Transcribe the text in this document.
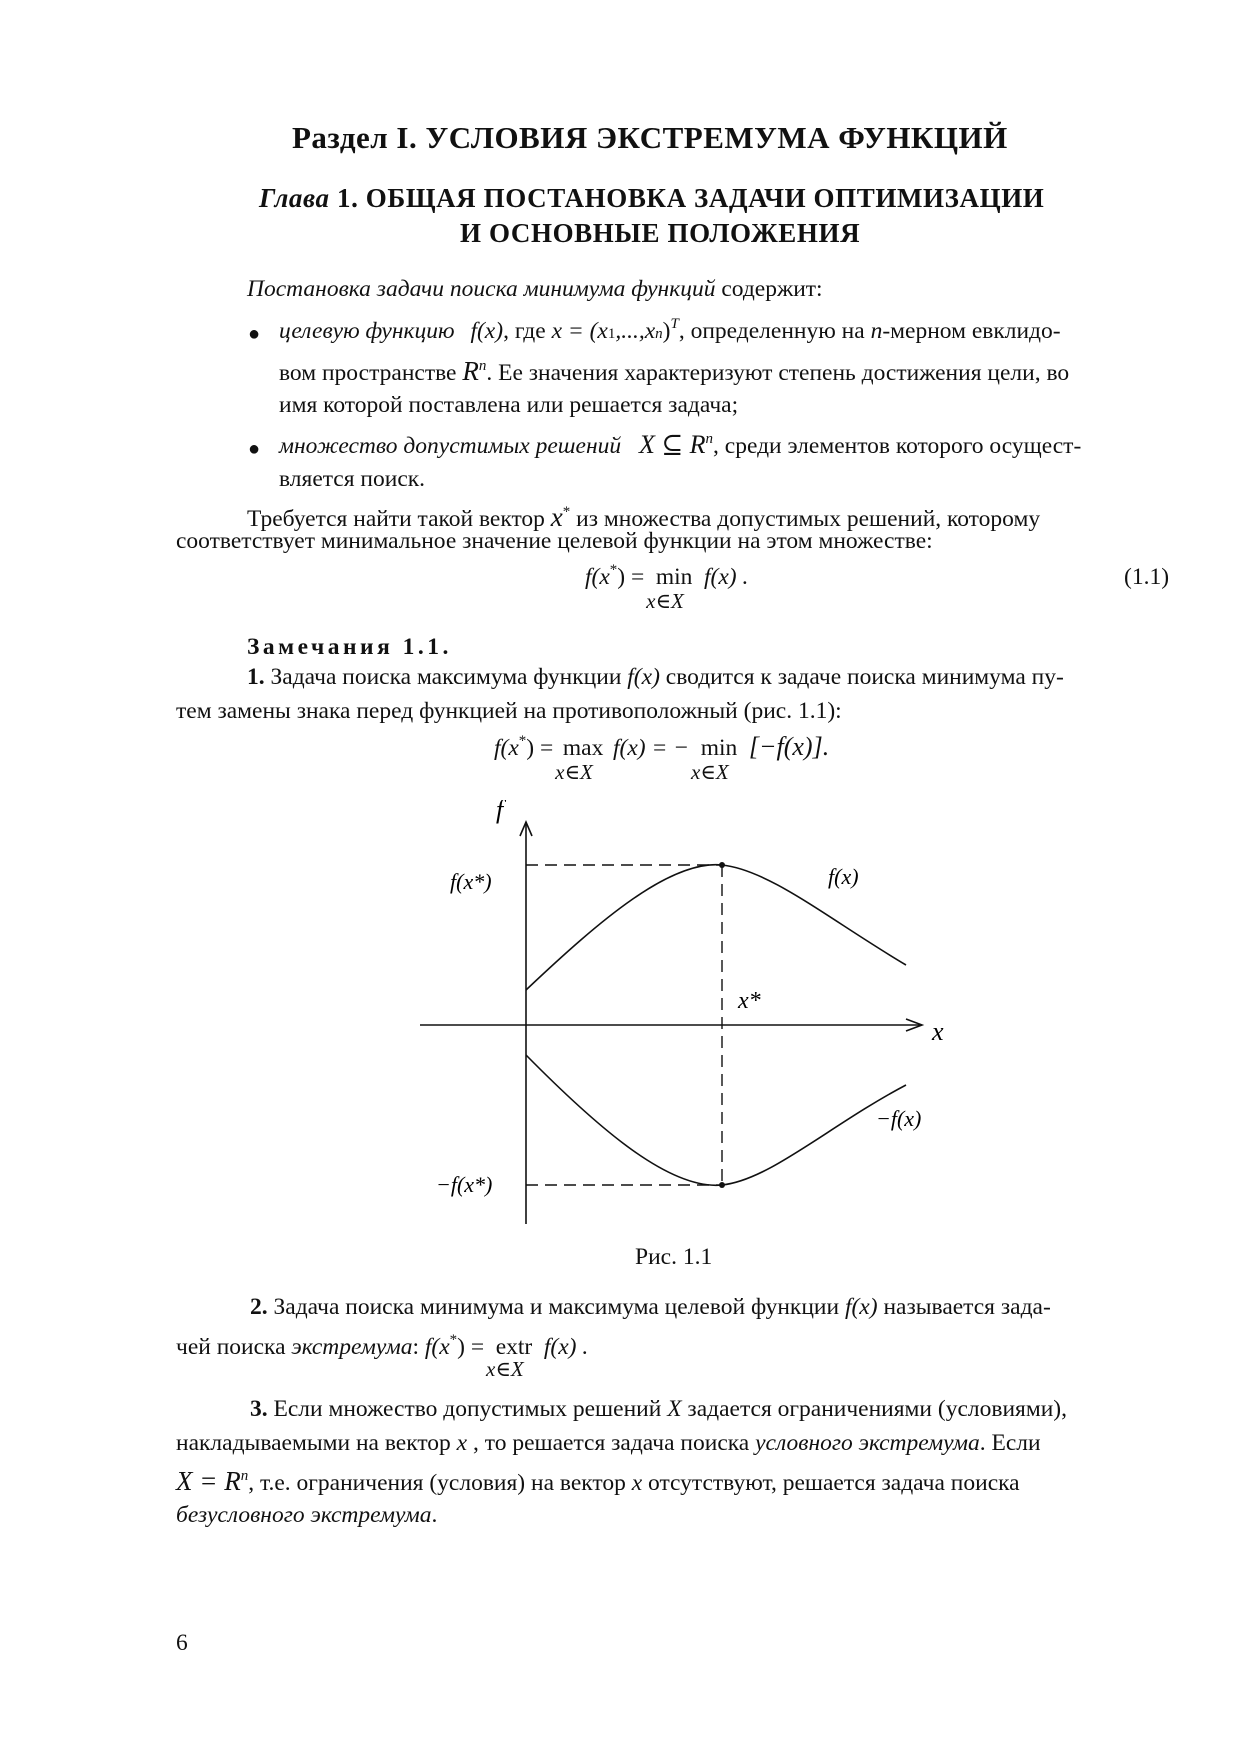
Раздел I. УСЛОВИЯ ЭКСТРЕМУМА ФУНКЦИЙ
Глава 1. ОБЩАЯ ПОСТАНОВКА ЗАДАЧИ ОПТИМИЗАЦИИ
И ОСНОВНЫЕ ПОЛОЖЕНИЯ
Постановка задачи поиска минимума функций содержит:
● целевую функцию f(x), где $x = (x1,...,xn)^T$, определенную на n-мерном евклидо-
вом пространстве $R^n$. Ее значения характеризуют степень достижения цели, во
имя которой поставлена или решается задача;
● множество допустимых решений X ⊆ $R^n$, среди элементов которого осущест-
вляется поиск.
Требуется найти такой вектор x* из множества допустимых решений, которому
соответствует минимальное значение целевой функции на этом множестве:
f(x*) = min
x∈X
f(x) .	(1.1)
Замечания 1.1.
1. Задача поиска максимума функции f(x) сводится к задаче поиска минимума пу-
тем замены знака перед функцией на противоположный (рис. 1.1):
f(x*) = max
x∈X
f(x) = − min
x∈X
[−f(x)].
f
x
f(x*)	f(x)
x*
−f(x)
−f(x*)
Рис. 1.1
2. Задача поиска минимума и максимума целевой функции f(x) называется зада-
чей поиска экстремума: f(x*) = extr
x∈X
f(x) .
3. Если множество допустимых решений X задается ограничениями (условиями),
накладываемыми на вектор x , то решается задача поиска условного экстремума. Если
$X = R^n$, т.е. ограничения (условия) на вектор x отсутствуют, решается задача поиска
безусловного экстремума.
6
